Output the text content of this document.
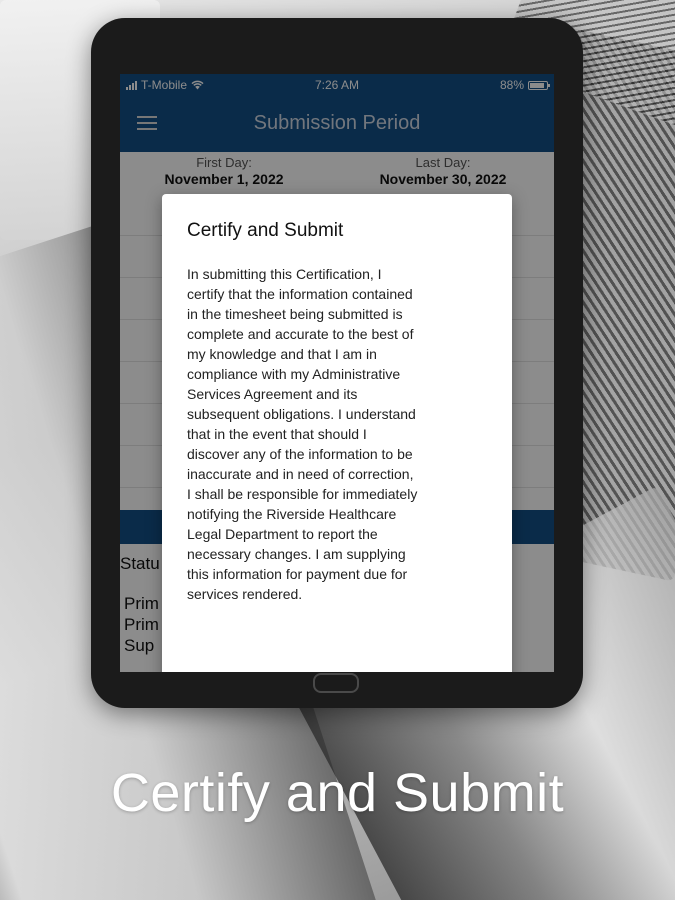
T-Mobile	7:26 AM	88%
Submission Period
First Day:
November 1, 2022
Last Day:
November 30, 2022
Statu
Prim
Prim
Sup
Certify and Submit

In submitting this Certification, I
certify that the information contained
in the timesheet being submitted is
complete and accurate to the best of
my knowledge and that I am in
compliance with my Administrative
Services Agreement and its
subsequent obligations. I understand
that in the event that should I
discover any of the information to be
inaccurate and in need of correction,
I shall be responsible for immediately
notifying the Riverside Healthcare
Legal Department to report the
necessary changes. I am supplying
this information for payment due for
services rendered.

Certify and Submit
